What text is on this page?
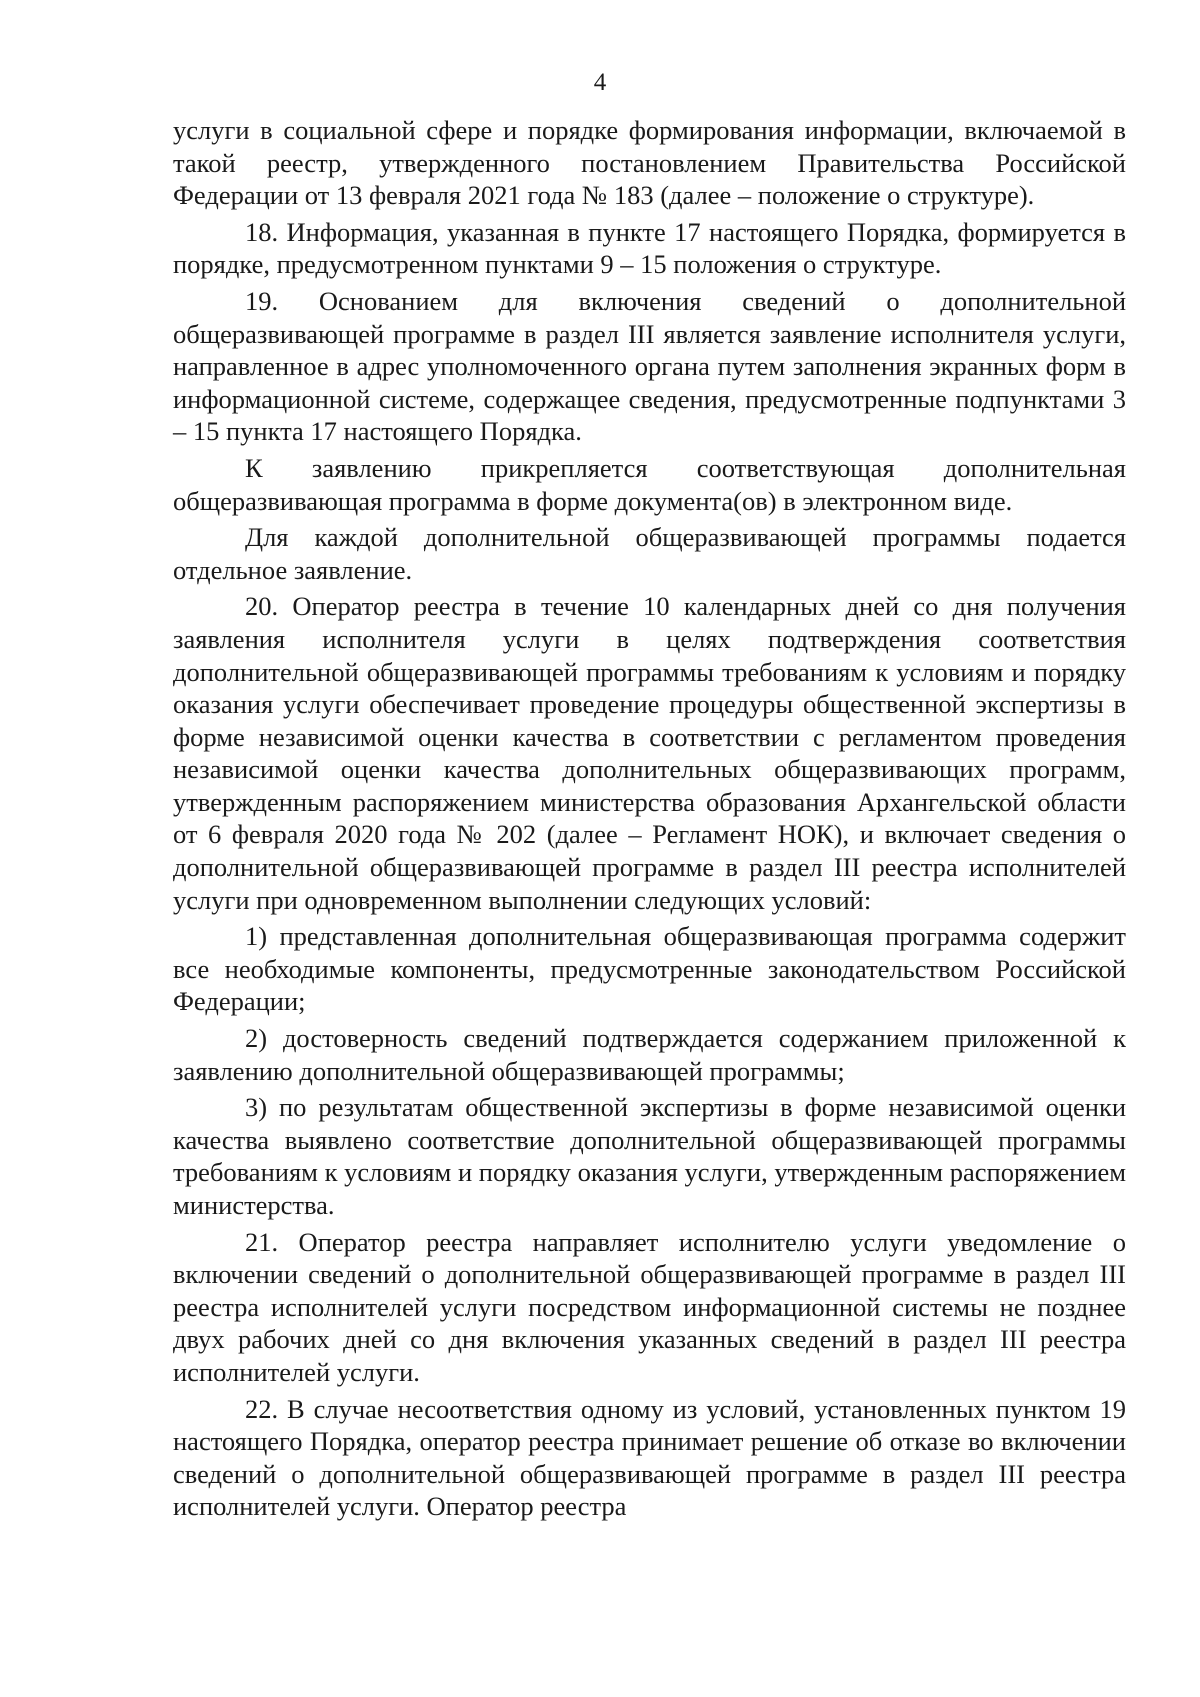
4

услуги в социальной сфере и порядке формирования информации, включаемой в такой реестр, утвержденного постановлением Правительства Российской Федерации от 13 февраля 2021 года № 183 (далее – положение о структуре).

18. Информация, указанная в пункте 17 настоящего Порядка, формируется в порядке, предусмотренном пунктами 9 – 15 положения о структуре.

19. Основанием для включения сведений о дополнительной общеразвивающей программе в раздел III является заявление исполнителя услуги, направленное в адрес уполномоченного органа путем заполнения экранных форм в информационной системе, содержащее сведения, предусмотренные подпунктами 3 – 15 пункта 17 настоящего Порядка.

К заявлению прикрепляется соответствующая дополнительная общеразвивающая программа в форме документа(ов) в электронном виде.

Для каждой дополнительной общеразвивающей программы подается отдельное заявление.

20. Оператор реестра в течение 10 календарных дней со дня получения заявления исполнителя услуги в целях подтверждения соответствия дополнительной общеразвивающей программы требованиям к условиям и порядку оказания услуги обеспечивает проведение процедуры общественной экспертизы в форме независимой оценки качества в соответствии с регламентом проведения независимой оценки качества дополнительных общеразвивающих программ, утвержденным распоряжением министерства образования Архангельской области от 6 февраля 2020 года № 202 (далее – Регламент НОК), и включает сведения о дополнительной общеразвивающей программе в раздел III реестра исполнителей услуги при одновременном выполнении следующих условий:

1) представленная дополнительная общеразвивающая программа содержит все необходимые компоненты, предусмотренные законодательством Российской Федерации;

2) достоверность сведений подтверждается содержанием приложенной к заявлению дополнительной общеразвивающей программы;

3) по результатам общественной экспертизы в форме независимой оценки качества выявлено соответствие дополнительной общеразвивающей программы требованиям к условиям и порядку оказания услуги, утвержденным распоряжением министерства.

21. Оператор реестра направляет исполнителю услуги уведомление о включении сведений о дополнительной общеразвивающей программе в раздел III реестра исполнителей услуги посредством информационной системы не позднее двух рабочих дней со дня включения указанных сведений в раздел III реестра исполнителей услуги.

22. В случае несоответствия одному из условий, установленных пунктом 19 настоящего Порядка, оператор реестра принимает решение об отказе во включении сведений о дополнительной общеразвивающей программе в раздел III реестра исполнителей услуги. Оператор реестра
